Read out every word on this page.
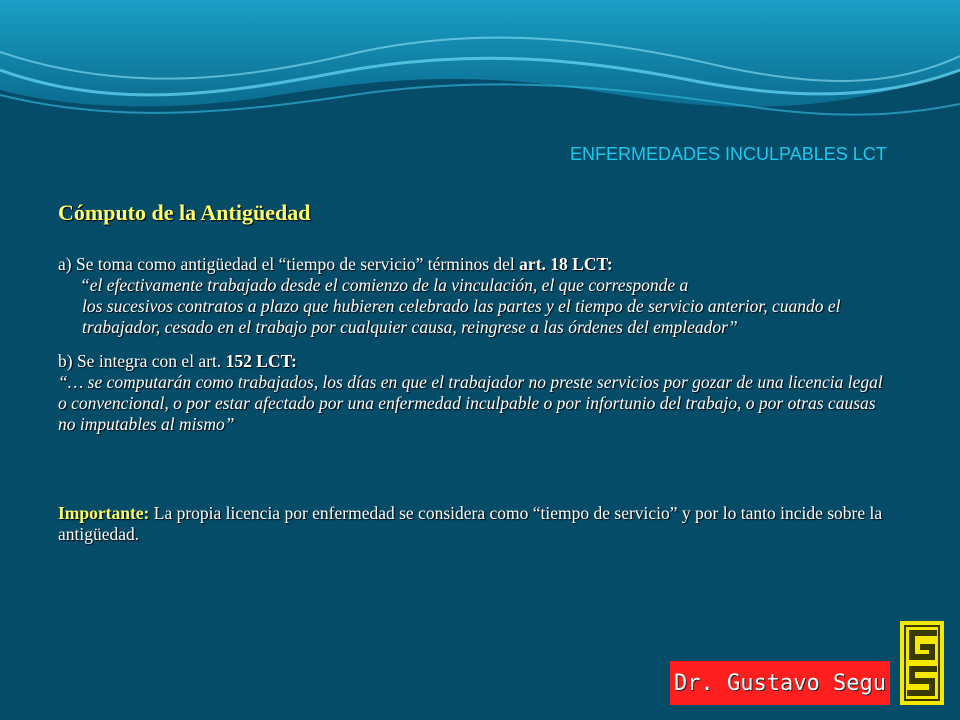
ENFERMEDADES INCULPABLES LCT

Cómputo de la Antigüedad

a) Se toma como antigüedad el “tiempo de servicio” términos del art. 18 LCT:

“el efectivamente trabajado desde el comienzo de la vinculación, el que corresponde a

los sucesivos contratos a plazo que hubieren celebrado las partes y el tiempo de servicio anterior, cuando el trabajador, cesado en el trabajo por cualquier causa, reingrese a las órdenes del empleador”

b) Se integra con el art. 152 LCT:

“… se computarán como trabajados, los días en que el trabajador no preste servicios por gozar de una licencia legal o convencional, o por estar afectado por una enfermedad inculpable o por infortunio del trabajo, o por otras causas no imputables al mismo”

Importante: La propia licencia por enfermedad se considera como “tiempo de servicio” y por lo tanto incide sobre la antigüedad.

Dr. Gustavo Segu
